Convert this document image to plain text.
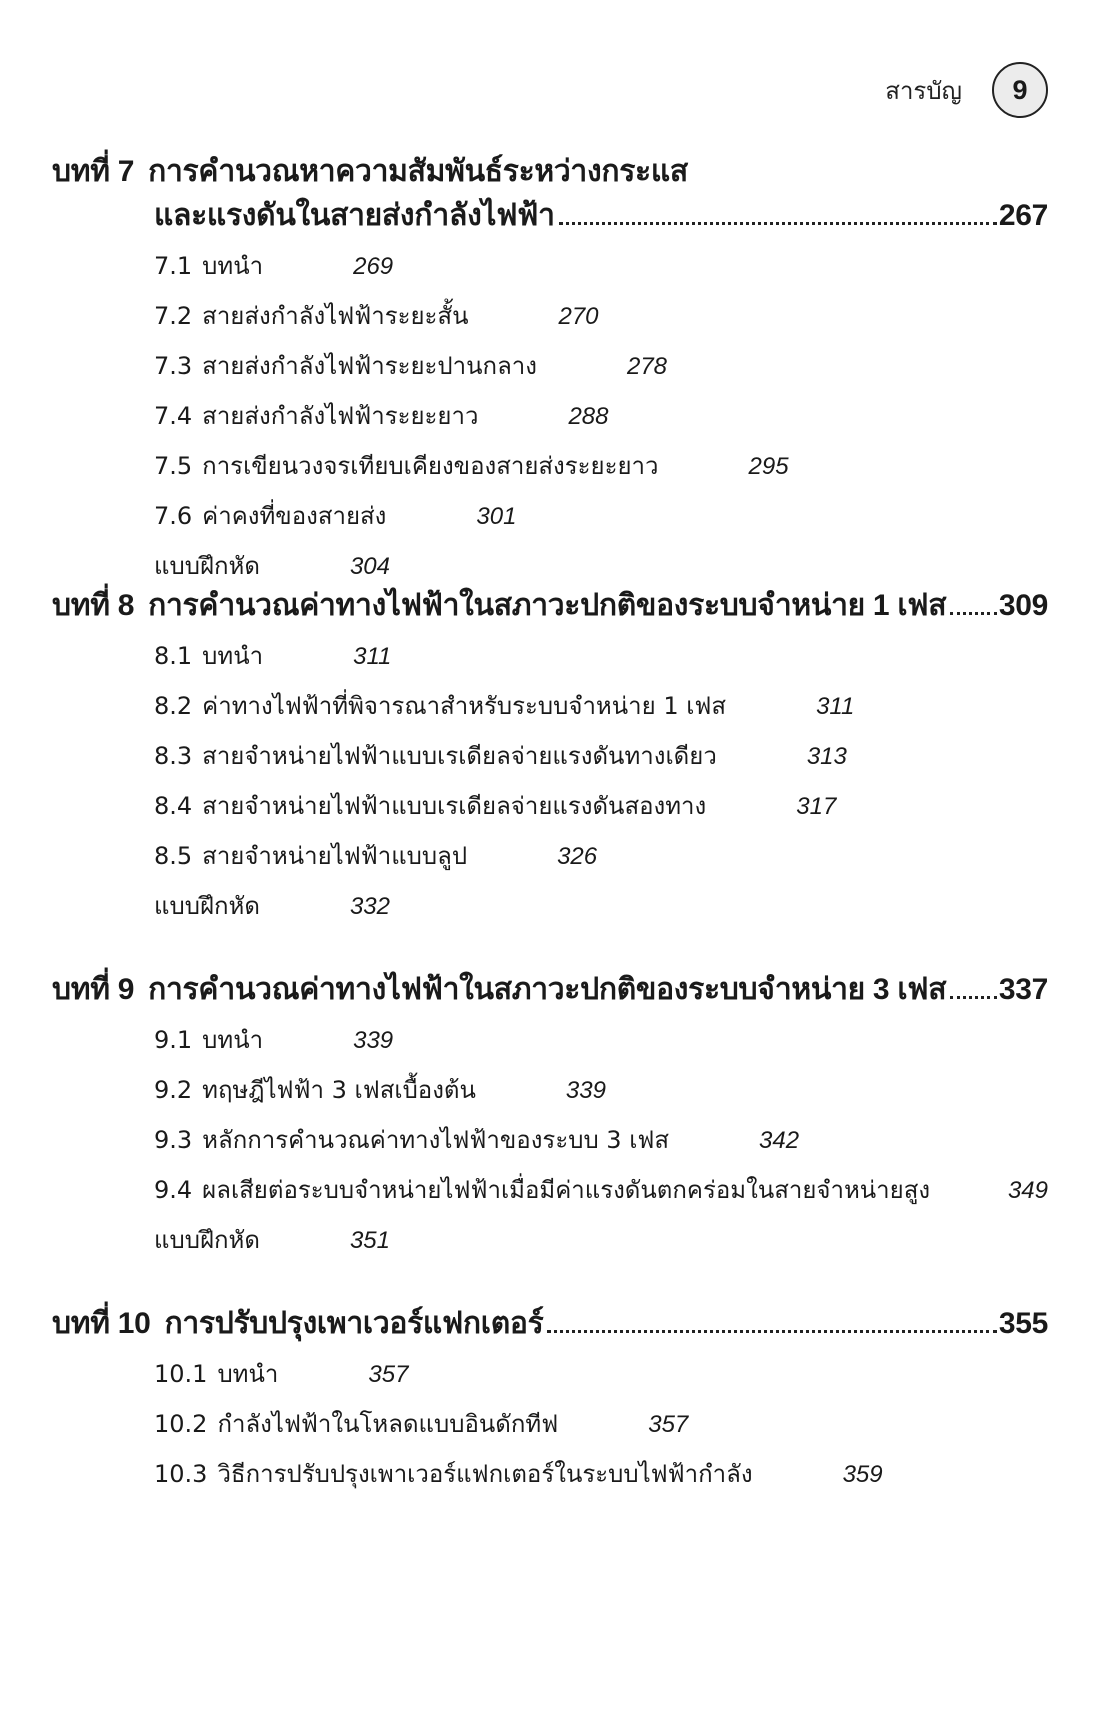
สารบัญ 9
บทที่ 7 การคำนวณหาความสัมพันธ์ระหว่างกระแส
และแรงดันในสายส่งกำลังไฟฟ้า	267
7.1 บทนำ	269
7.2 สายส่งกำลังไฟฟ้าระยะสั้น	270
7.3 สายส่งกำลังไฟฟ้าระยะปานกลาง	278
7.4 สายส่งกำลังไฟฟ้าระยะยาว	288
7.5 การเขียนวงจรเทียบเคียงของสายส่งระยะยาว	295
7.6 ค่าคงที่ของสายส่ง	301
แบบฝึกหัด	304
บทที่ 8 การคำนวณค่าทางไฟฟ้าในสภาวะปกติของระบบจำหน่าย 1 เฟส 309
8.1 บทนำ	311
8.2 ค่าทางไฟฟ้าที่พิจารณาสำหรับระบบจำหน่าย 1 เฟส	311
8.3 สายจำหน่ายไฟฟ้าแบบเรเดียลจ่ายแรงดันทางเดียว	313
8.4 สายจำหน่ายไฟฟ้าแบบเรเดียลจ่ายแรงดันสองทาง	317
8.5 สายจำหน่ายไฟฟ้าแบบลูป	326
แบบฝึกหัด	332
บทที่ 9 การคำนวณค่าทางไฟฟ้าในสภาวะปกติของระบบจำหน่าย 3 เฟส 337
9.1 บทนำ	339
9.2 ทฤษฎีไฟฟ้า 3 เฟสเบื้องต้น	339
9.3 หลักการคำนวณค่าทางไฟฟ้าของระบบ 3 เฟส	342
9.4 ผลเสียต่อระบบจำหน่ายไฟฟ้าเมื่อมีค่าแรงดันตกคร่อมในสายจำหน่ายสูง	349
แบบฝึกหัด	351
บทที่ 10 การปรับปรุงเพาเวอร์แฟกเตอร์	355
10.1 บทนำ	357
10.2 กำลังไฟฟ้าในโหลดแบบอินดักทีฟ	357
10.3 วิธีการปรับปรุงเพาเวอร์แฟกเตอร์ในระบบไฟฟ้ากำลัง	359
